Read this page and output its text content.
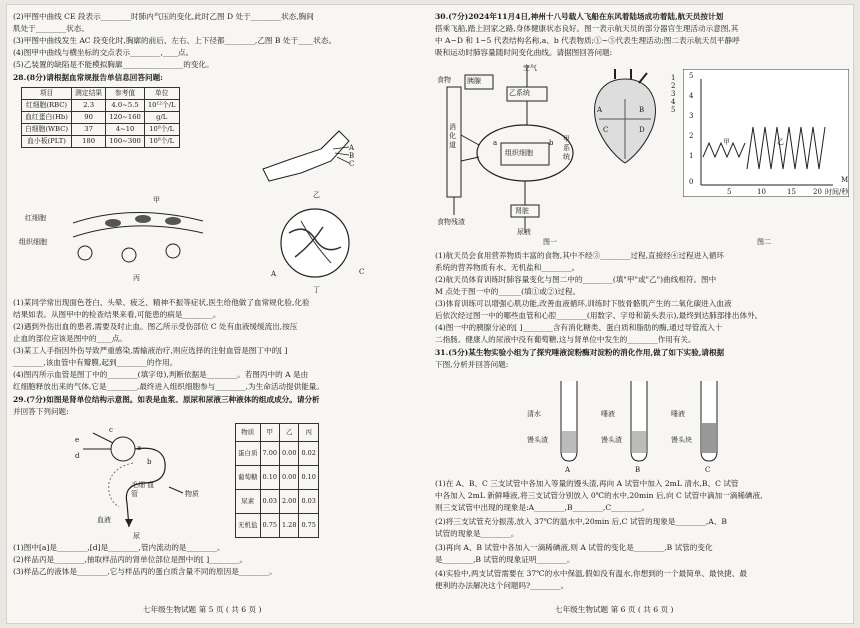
(2)甲图中曲线 CE 段表示________时肺内气压的变化,此时乙图 D 处于________状态,胸间
肌处于________状态。
(3)甲图中曲线发生 AC 段变化时,胸廓的前后、左右、上下径都________,乙图 B 处于____状态。
(4)图甲中曲线与横坐标的交点表示________,____点。
(5)乙装置的缺陷是不能模拟胸廓________________的变化。
28.(8分)请根据血常规报告单信息回答问题:
项目	测定结果	参考值	单位
红细胞(RBC)	2.3	4.0~5.5	10¹²个/L
血红蛋白(Hb)	90	120~160	g/L
白细胞(WBC)	37	4~10	10⁹个/L
血小板(PLT)	180	100~300	10⁹个/L
A
B
C
乙
甲
红细胞
组织细胞
丙	A	C
丁
(1)某同学常出现面色苍白、头晕、疲乏、精神不振等症状,医生给他做了血常规化验,化验
结果如表。从图甲中的检查结果来看,可能患的病是________。
(2)遇到外伤出血的患者,需要及时止血。图乙所示受伤部位 C 处有血液缓缓流出,按压
止血的部位应该是图中的____点。
(3)某工人手指因外伤导致严重感染,需输液治疗,则应选择的注射血管是图丁中的[ ]
________,该血管中有瓣膜,起到________的作用。
(4)图丙所示血管是图丁中的________(填字母),判断依据是________。若图丙中的 A 是由
红细胞释放出来的气体,它是________,最终进入组织细胞参与________,为生命活动提供能量。
29.(7分)如图是肾单位结构示意图。如表是血浆、原尿和尿液三种液体的组成成分。请分析
并回答下列问题:
e
d
c
a
b
毛细 血管
血液
物质
尿
物质	甲	乙	丙
蛋白质	7.00	0.00	0.02
葡萄糖	0.10	0.00	0.10
尿素	0.03	2.00	0.03
无机盐	0.75	1.28	0.75
(1)图中[a]是________,[d]是________,管内流动的是________。
(2)样品丙是________,抽取样品丙的肾单位部位是图中的[ ]________。
(3)样品乙的液体是________,它与样品丙的蛋白质含量不同的原因是________。
七年级生物试题 第 5 页 ( 共 6 页 )
30.(7分)2024年11月4日,神州十八号载人飞船在东风着陆场成功着陆,航天员按计划
搭乘飞船,踏上回家之路,身体健康状态良好。图一表示航天员的部分器官生理活动示意图,其
中 A~D 和 1~5 代表结构名称,a、b 代表物质;①~⑤代表生理活动;图二表示航天员平静呼
吸和运动时肺容量随时间变化曲线。请据图回答问题:
空气
食物 胰腺
乙系统
消化道
组织细胞
甲系统
肾脏
食物残渣
尿液
a	b
图一
1
2
3
4
5
A	B
C	D
5
4
3
2
1
0
5	10	15 20 时间/秒
甲	乙
M
图二
(1)航天员会食用营养物质丰富的食物,其中不经③________过程,直接经④过程进入循环
系统的营养物质有水、无机盐和________。
(2)航天员体育训练时肺容量变化与图二中的________(填"甲"或"乙")曲线相符。图中
M 点处于图一中的______(填①或②)过程。
(3)体育训练可以增强心肌功能,改善血液循环,训练时下肢骨骼肌产生的二氧化碳进入血液
后依次经过图一中的哪些血管和心腔________(用数字、字母和箭头表示),最终到达肺部排出体外。
(4)图一中的胰腺分泌的[ ]________含有消化糖类、蛋白质和脂肪的酶,通过导管流入十
二指肠。健康人的尿液中没有葡萄糖,这与肾单位中发生的________作用有关。
31.(5分)某生物实验小组为了探究唾液淀粉酶对淀粉的消化作用,做了如下实验,请根据
下图,分析并回答问题:
清水
馒头渣
A
唾液
馒头渣
B
唾液
馒头块
C
(1)在 A、B、C 三支试管中各加入等量的馒头渣,再向 A 试管中加入 2mL 清水,B、C 试管
中各加入 2mL 新鲜唾液,将三支试管分别放入 0℃的水中,20min 后,向 C 试管中滴加一滴稀碘液,
则三支试管中出现的现象是:A________,B________,C________。
(2)将三支试管充分振荡,放入 37℃的温水中,20min 后,C 试管的现象是________,A、B
试管的现象是________。
(3)再向 A、B 试管中各加入一滴稀碘液,则 A 试管的变化是________,B 试管的变化
是________,B 试管的现象证明________。
(4)实验中,两支试管需要在 37℃的水中保温,假如没有温水,你想到的一个最简单、最快捷、最
便利的办法解决这个问题吗?________。
七年级生物试题 第 6 页 ( 共 6 页 )
